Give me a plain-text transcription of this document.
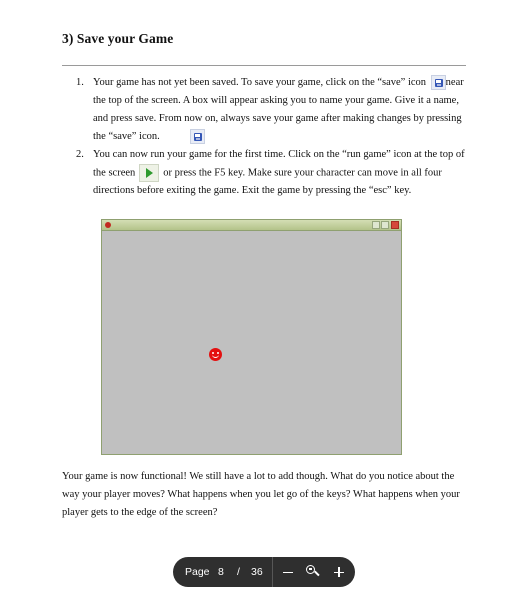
3) Save your Game
1. Your game has not yet been saved. To save your game, click on the “save” icon
near
the top of the screen. A box will appear asking you to name your game. Give it a name,
and press save. From now on, always save your game after making changes by pressing
the “save” icon.
2. You can now run your game for the first time. Click on the “run game” icon at the top of
the screen	or press the F5 key. Make sure your character can move in all four
directions before exiting the game. Exit the game by pressing the “esc” key.
Your game is now functional! We still have a lot to add though. What do you notice about the
way your player moves? What happens when you let go of the keys? What happens when your
player gets to the edge of the screen?
Page 8 / 36
